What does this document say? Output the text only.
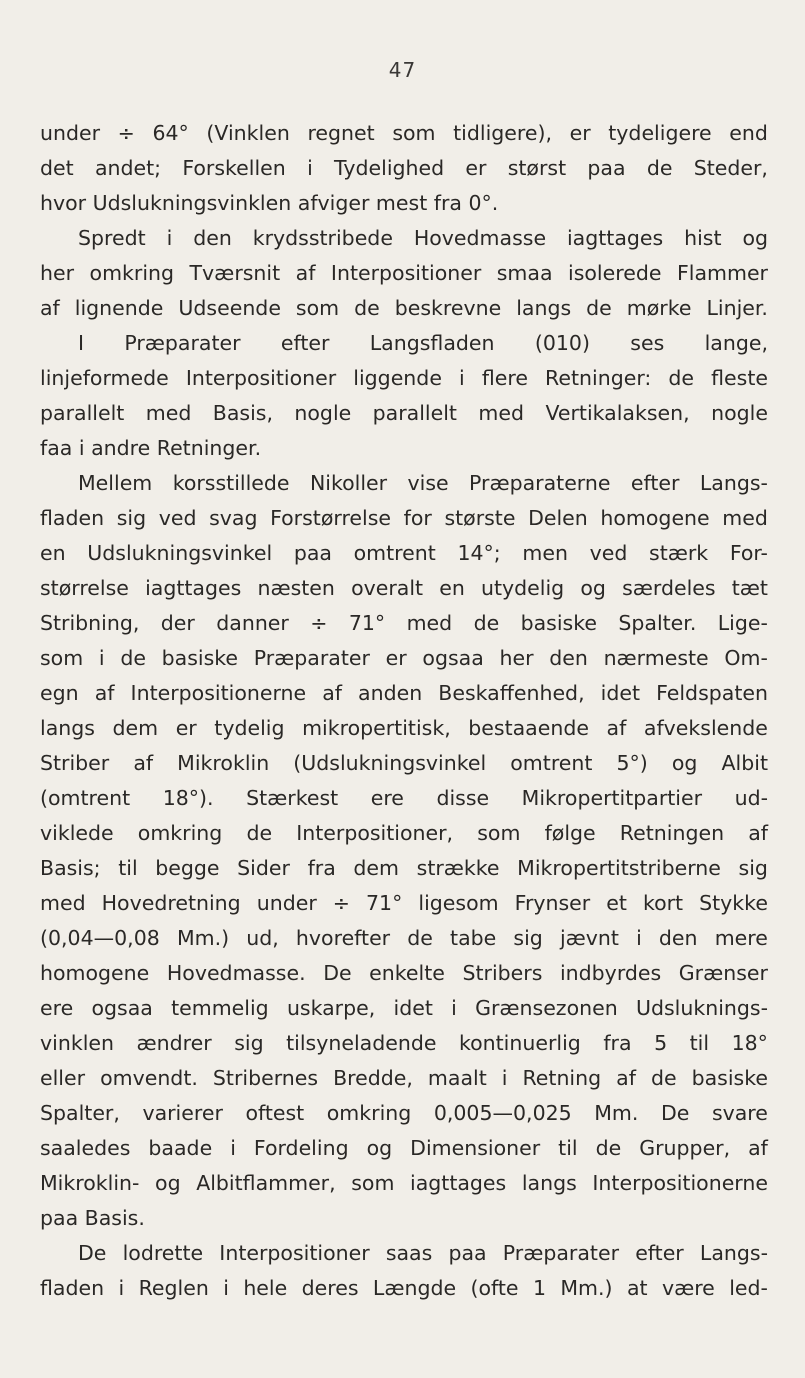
47
under ÷ 64° (Vinklen regnet som tidligere), er tydeligere end
det andet; Forskellen i Tydelighed er størst paa de Steder,
hvor Udslukningsvinklen afviger mest fra 0°.
Spredt i den krydsstribede Hovedmasse iagttages hist og
her omkring Tværsnit af Interpositioner smaa isolerede Flammer
af lignende Udseende som de beskrevne langs de mørke Linjer.
I Præparater efter Langsfladen (010) ses lange,
linjeformede Interpositioner liggende i flere Retninger: de fleste
parallelt med Basis, nogle parallelt med Vertikalaksen, nogle
faa i andre Retninger.
Mellem korsstillede Nikoller vise Præparaterne efter Langs-
fladen sig ved svag Forstørrelse for største Delen homogene med
en Udslukningsvinkel paa omtrent 14°; men ved stærk For-
størrelse iagttages næsten overalt en utydelig og særdeles tæt
Stribning, der danner ÷ 71° med de basiske Spalter. Lige-
som i de basiske Præparater er ogsaa her den nærmeste Om-
egn af Interpositionerne af anden Beskaffenhed, idet Feldspaten
langs dem er tydelig mikropertitisk, bestaaende af afvekslende
Striber af Mikroklin (Udslukningsvinkel omtrent 5°) og Albit
(omtrent 18°). Stærkest ere disse Mikropertitpartier ud-
viklede omkring de Interpositioner, som følge Retningen af
Basis; til begge Sider fra dem strække Mikropertitstriberne sig
med Hovedretning under ÷ 71° ligesom Frynser et kort Stykke
(0,04—0,08 Mm.) ud, hvorefter de tabe sig jævnt i den mere
homogene Hovedmasse. De enkelte Stribers indbyrdes Grænser
ere ogsaa temmelig uskarpe, idet i Grænsezonen Udsluknings-
vinklen ændrer sig tilsyneladende kontinuerlig fra 5 til 18°
eller omvendt. Stribernes Bredde, maalt i Retning af de basiske
Spalter, varierer oftest omkring 0,005—0,025 Mm. De svare
saaledes baade i Fordeling og Dimensioner til de Grupper, af
Mikroklin- og Albitflammer, som iagttages langs Interpositionerne
paa Basis.
De lodrette Interpositioner saas paa Præparater efter Langs-
fladen i Reglen i hele deres Længde (ofte 1 Mm.) at være led-
